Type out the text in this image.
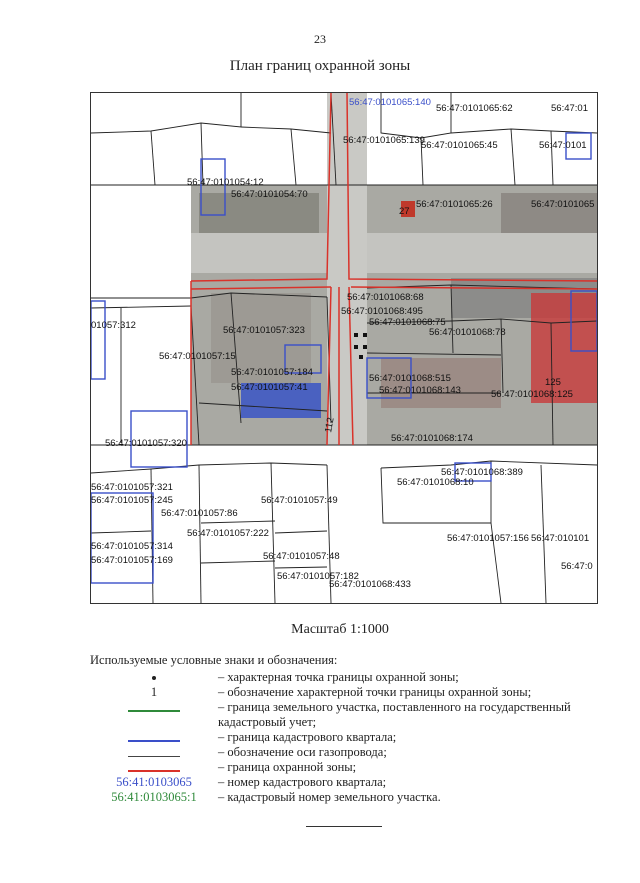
23
План границ охранной зоны
27
112
125
56:47:0101065:140
56:47:0101065:62	56:47:01
56:47:0101065:139
56:47:0101065:45	56:47:0101
56:47:0101054:12
56:47:0101054:70
56:47:0101065:26	56:47:0101065
56:47:0101068:68
56:47:0101068:495
56:47:0101068:75
56:47:0101068:78
56:47:0101057:323
01057:312
56:47:0101057:15
56:47:0101057:184
56:47:0101057:41
56:47:0101068:515
56:47:0101068:143	56:47:0101068:125
56:47:0101068:174
56:47:0101057:320
56:47:0101068:389
56:47:0101068:10
56:47:0101057:321
56:47:0101057:245	56:47:0101057:49
56:47:0101057:86
56:47:0101057:222
56:47:0101057:314
56:47:0101057:169	56:47:0101057:48
56:47:0101057:182
56:47:0101068:433
56:47:0101057:156 56:47:010101
56:47:0
Масштаб 1:1000
Используемые условные знаки и обозначения:
– характерная точка границы охранной зоны;
1	– обозначение характерной точки границы охранной зоны;
– граница земельного участка, поставленного на государственный кадастровый учет;
– граница кадастрового квартала;
– обозначение оси газопровода;
– граница охранной зоны;
56:41:0103065	– номер кадастрового квартала;
56:41:0103065:1	– кадастровый номер земельного участка.
